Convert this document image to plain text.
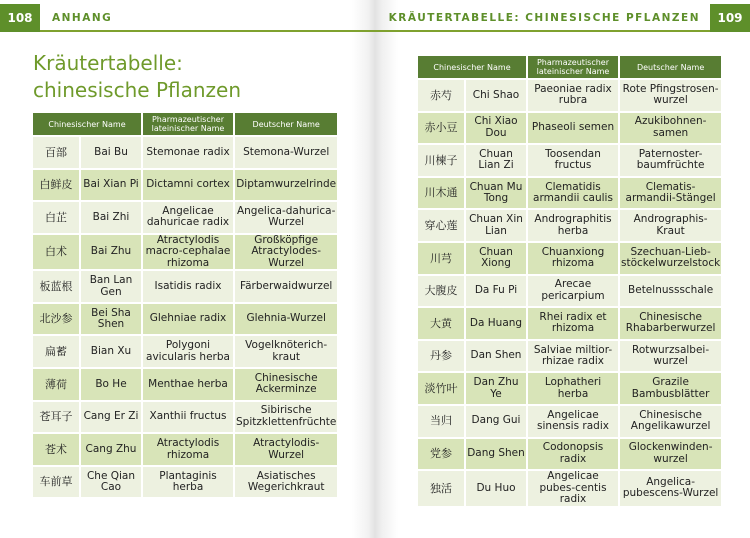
108	ANHANG	KRÄUTERTABELLE: CHINESISCHE PFLANZEN	109
Kräutertabelle:
chinesische Pflanzen
Chinesischer Name		Pharmazeutischer lateinischer Name	Deutscher Name
百部	Bai Bu	Stemonae radix	Stemona-Wurzel
白鲜皮	Bai Xian Pi	Dictamni cortex	Diptamwurzelrinde
白芷	Bai Zhi	Angelicae dahuricae radix	Angelica-dahurica-Wurzel
白术	Bai Zhu	Atractylodis macro-cephalae rhizoma	Großköpfige Atractylodes-Wurzel
板蓝根	Ban Lan Gen	Isatidis radix	Färberwaidwurzel
北沙参	Bei Sha Shen	Glehniae radix	Glehnia-Wurzel
扁蓄	Bian Xu	Polygoni avicularis herba	Vogelknöterich-kraut
薄荷	Bo He	Menthae herba	Chinesische Ackerminze
苍耳子	Cang Er Zi	Xanthii fructus	Sibirische Spitzklettenfrüchte
苍术	Cang Zhu	Atractylodis rhizoma	Atractylodis-Wurzel
车前草	Che Qian Cao	Plantaginis herba	Asiatisches Wegerichkraut
Chinesischer Name		Pharmazeutischer lateinischer Name	Deutscher Name
赤芍	Chi Shao	Paeoniae radix rubra	Rote Pfingstrosen-wurzel
赤小豆	Chi Xiao Dou	Phaseoli semen	Azukibohnen-samen
川楝子	Chuan Lian Zi	Toosendan fructus	Paternoster-baumfrüchte
川木通	Chuan Mu Tong	Clematidis armandii caulis	Clematis-armandii-Stängel
穿心莲	Chuan Xin Lian	Andrographitis herba	Andrographis-Kraut
川芎	Chuan Xiong	Chuanxiong rhizoma	Szechuan-Lieb-stöckelwurzelstock
大腹皮	Da Fu Pi	Arecae pericarpium	Betelnussschale
大黄	Da Huang	Rhei radix et rhizoma	Chinesische Rhabarberwurzel
丹参	Dan Shen	Salviae miltior-rhizae radix	Rotwurzsalbei-wurzel
淡竹叶	Dan Zhu Ye	Lophatheri herba	Grazile Bambusblätter
当归	Dang Gui	Angelicae sinensis radix	Chinesische Angelikawurzel
党参	Dang Shen	Codonopsis radix	Glockenwinden-wurzel
独活	Du Huo	Angelicae pubes-centis radix	Angelica-pubescens-Wurzel
